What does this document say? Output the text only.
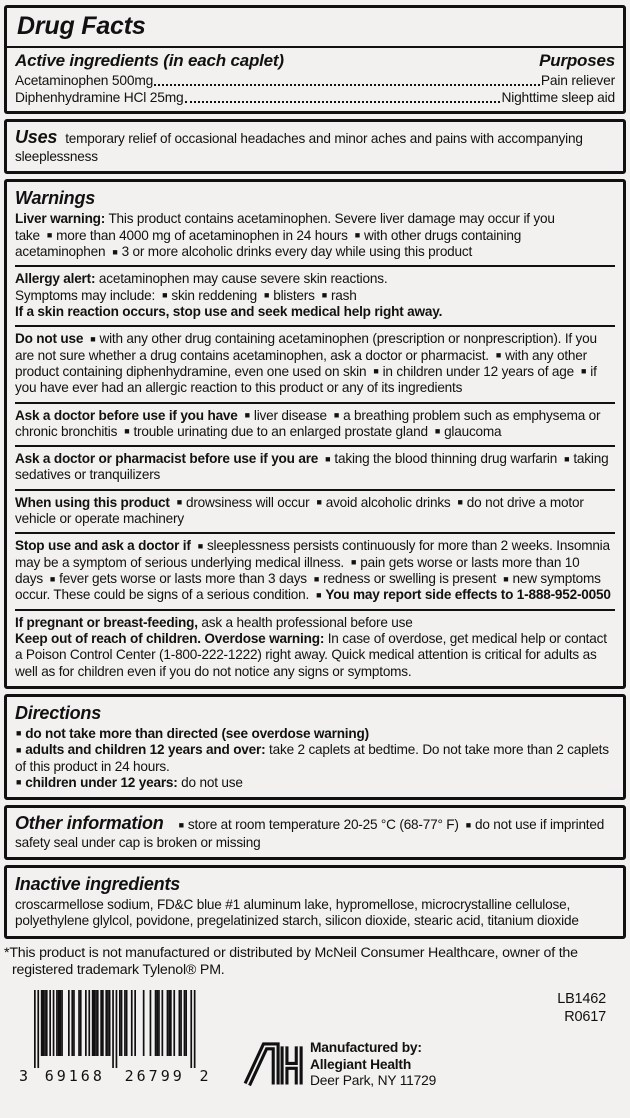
Drug Facts
Active ingredients (in each caplet)	Purposes
Acetaminophen 500mg	Pain reliever
Diphenhydramine HCl 25mg	Nighttime sleep aid
Uses temporary relief of occasional headaches and minor aches and pains with accompanying sleeplessness
Warnings
Liver warning: This product contains acetaminophen. Severe liver damage may occur if you take ■ more than 4000 mg of acetaminophen in 24 hours ■ with other drugs containing acetaminophen ■ 3 or more alcoholic drinks every day while using this product
Allergy alert: acetaminophen may cause severe skin reactions.
Symptoms may include: ■ skin reddening ■ blisters ■ rash
If a skin reaction occurs, stop use and seek medical help right away.
Do not use ■ with any other drug containing acetaminophen (prescription or nonprescription). If you are not sure whether a drug contains acetaminophen, ask a doctor or pharmacist. ■ with any other product containing diphenhydramine, even one used on skin ■ in children under 12 years of age ■ if you have ever had an allergic reaction to this product or any of its ingredients
Ask a doctor before use if you have ■ liver disease ■ a breathing problem such as emphysema or chronic bronchitis ■ trouble urinating due to an enlarged prostate gland ■ glaucoma
Ask a doctor or pharmacist before use if you are ■ taking the blood thinning drug warfarin ■ taking sedatives or tranquilizers
When using this product ■ drowsiness will occur ■ avoid alcoholic drinks ■ do not drive a motor vehicle or operate machinery
Stop use and ask a doctor if ■ sleeplessness persists continuously for more than 2 weeks. Insomnia may be a symptom of serious underlying medical illness. ■ pain gets worse or lasts more than 10 days ■ fever gets worse or lasts more than 3 days ■ redness or swelling is present ■ new symptoms occur. These could be signs of a serious condition. ■ You may report side effects to 1-888-952-0050
If pregnant or breast-feeding, ask a health professional before use
Keep out of reach of children. Overdose warning: In case of overdose, get medical help or contact a Poison Control Center (1-800-222-1222) right away. Quick medical attention is critical for adults as well as for children even if you do not notice any signs or symptoms.
Directions
■ do not take more than directed (see overdose warning)
■ adults and children 12 years and over: take 2 caplets at bedtime. Do not take more than 2 caplets of this product in 24 hours.
■ children under 12 years: do not use
Other information ■ store at room temperature 20-25 °C (68-77° F) ■ do not use if imprinted safety seal under cap is broken or missing
Inactive ingredients
croscarmellose sodium, FD&C blue #1 aluminum lake, hypromellose, microcrystalline cellulose, polyethylene glylcol, povidone, pregelatinized starch, silicon dioxide, stearic acid, titanium dioxide

*This product is not manufactured or distributed by McNeil Consumer Healthcare, owner of the registered trademark Tylenol® PM.

3 69168 26799 2
LB1462
R0617
Manufactured by:
Allegiant Health
Deer Park, NY 11729
